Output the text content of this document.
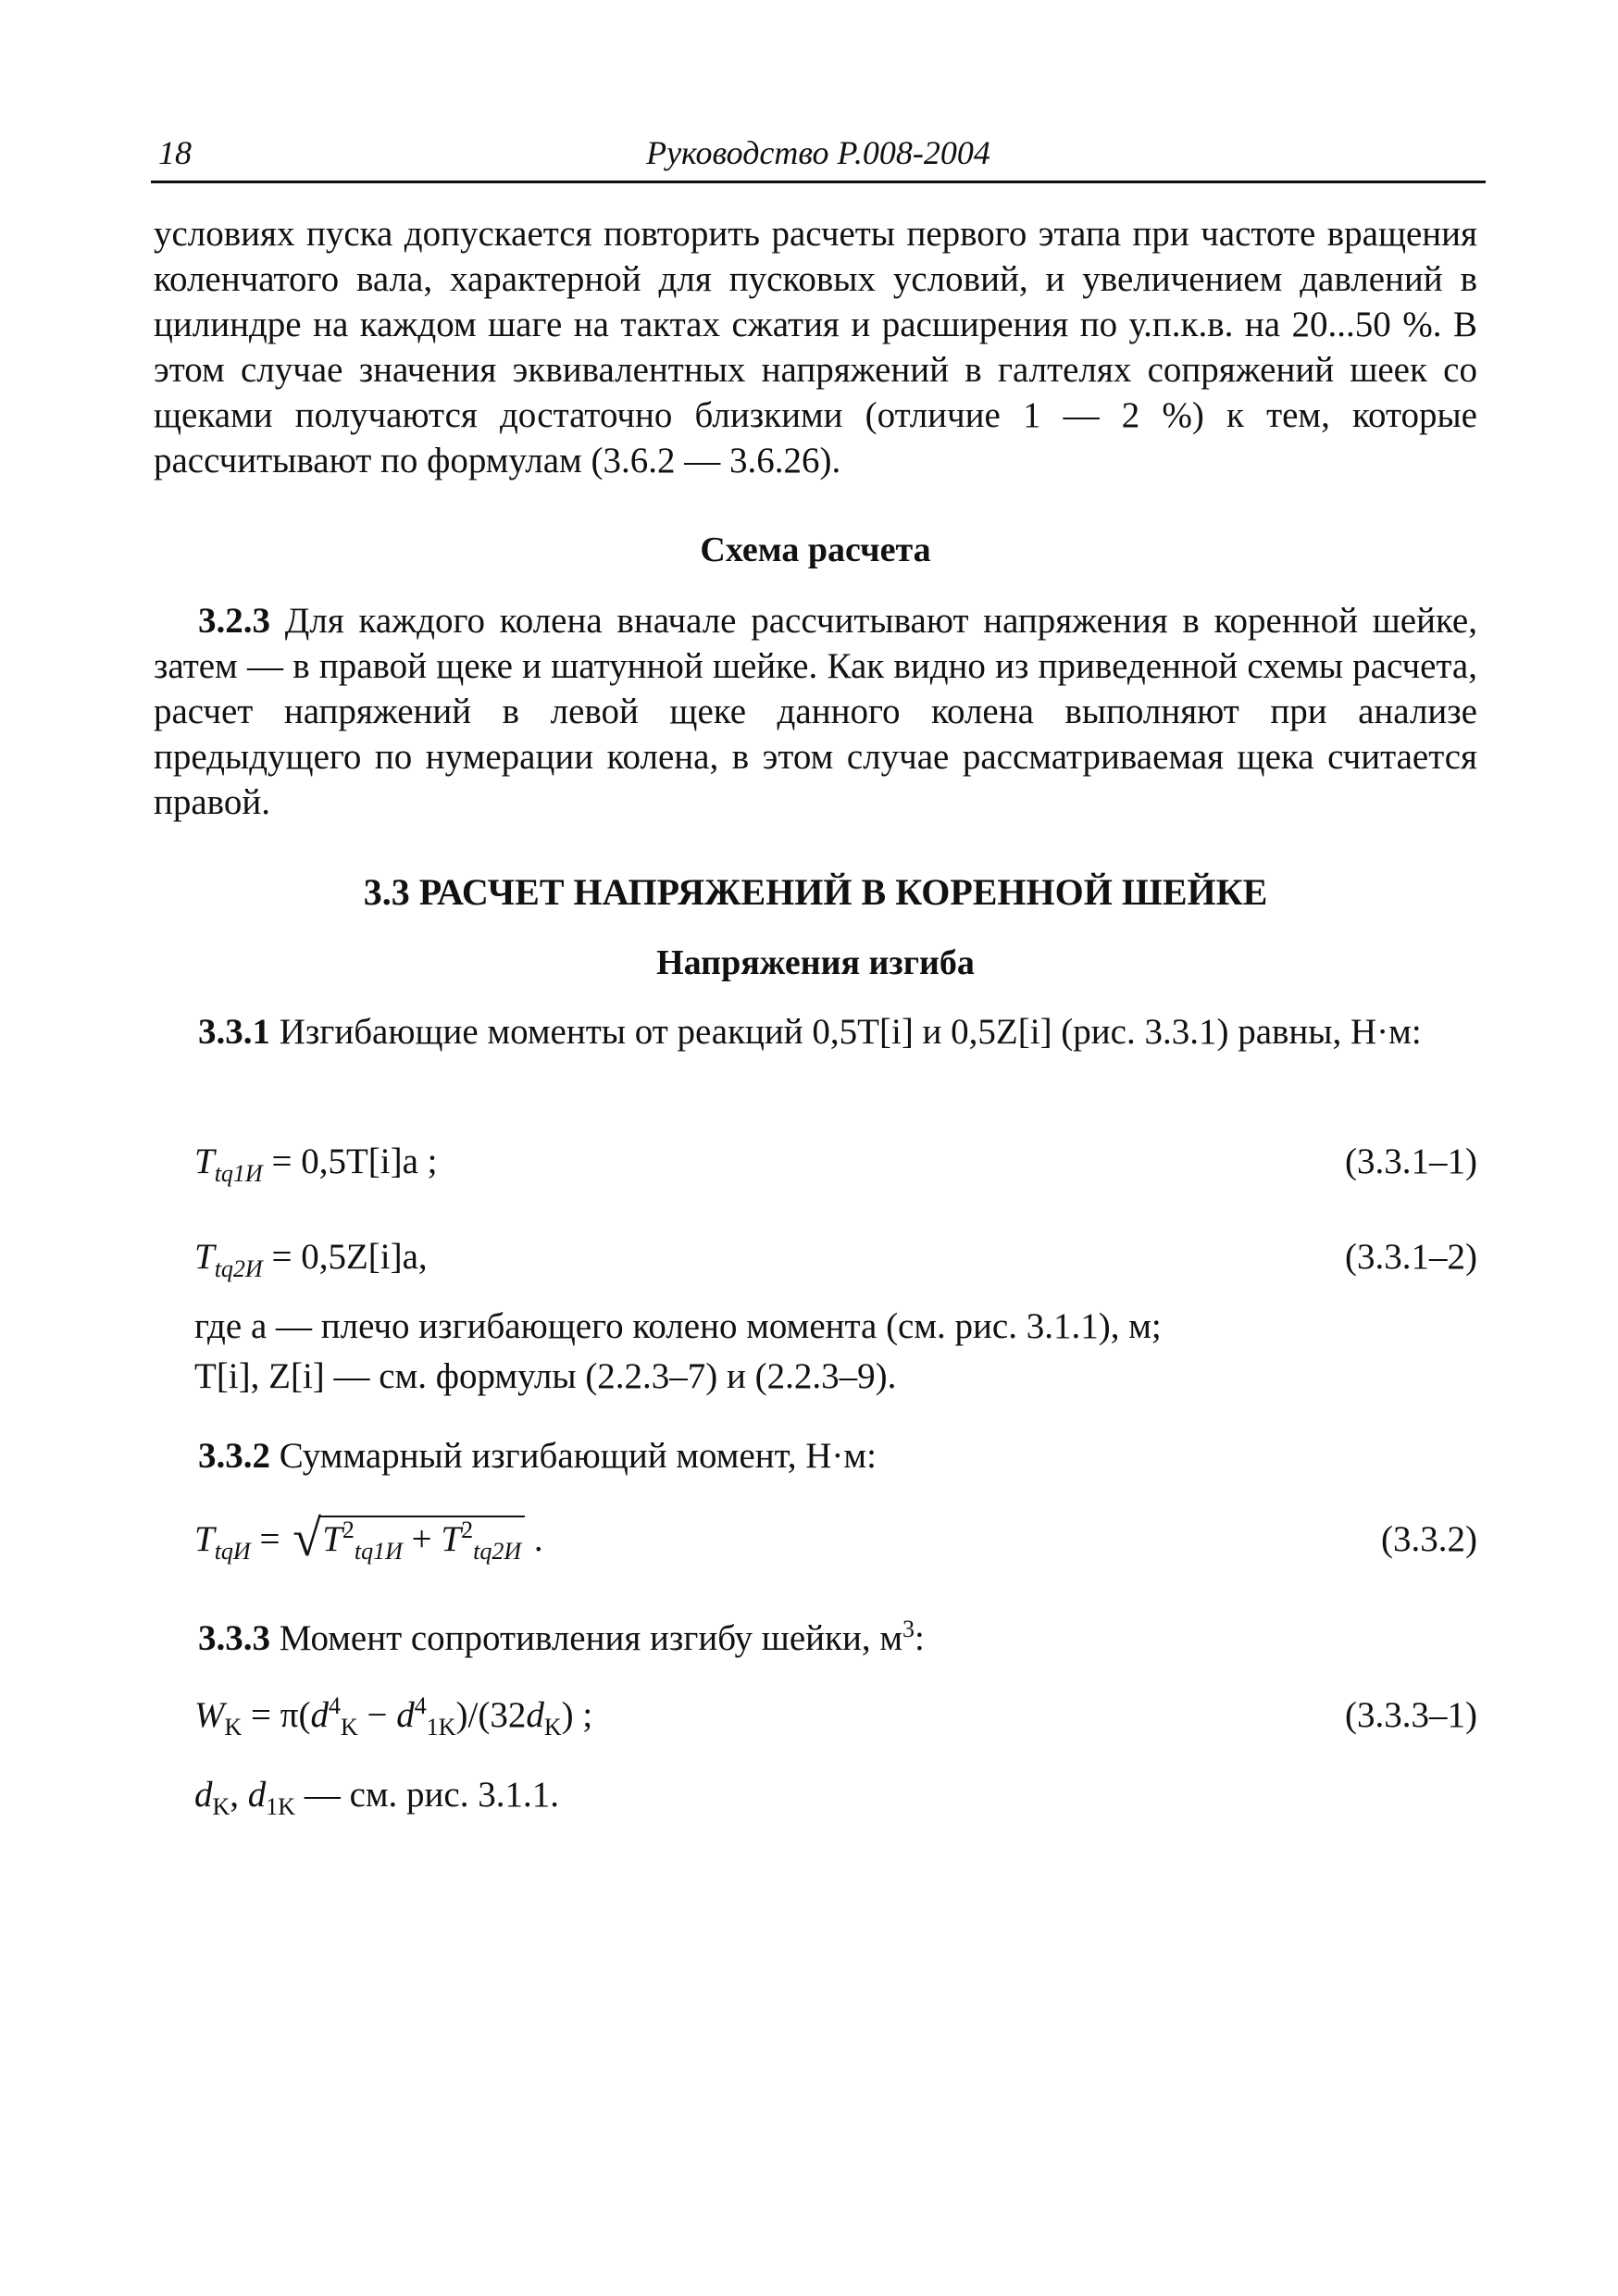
18	Руководство Р.008-2004

условиях пуска допускается повторить расчеты первого этапа при частоте вращения коленчатого вала, характерной для пусковых условий, и увеличением давлений в цилиндре на каждом шаге на тактах сжатия и расширения по у.п.к.в. на 20...50 %. В этом случае значения эквивалентных напряжений в галтелях сопряжений шеек со щеками получаются достаточно близкими (отличие 1 — 2 %) к тем, которые рассчитывают по формулам (3.6.2 — 3.6.26).

Схема расчета

3.2.3 Для каждого колена вначале рассчитывают напряжения в коренной шейке, затем — в правой щеке и шатунной шейке. Как видно из приведенной схемы расчета, расчет напряжений в левой щеке данного колена выполняют при анализе предыдущего по нумерации колена, в этом случае рассматриваемая щека считается правой.

3.3 РАСЧЕТ НАПРЯЖЕНИЙ В КОРЕННОЙ ШЕЙКЕ
Напряжения изгиба

3.3.1 Изгибающие моменты от реакций 0,5T[i] и 0,5Z[i] (рис. 3.3.1) равны, Н·м:

$T_{tq1И} = 0,5T[i]a$ ;	(3.3.1–1)
$T_{tq2И} = 0,5Z[i]a$,	(3.3.1–2)
где a — плечо изгибающего колено момента (см. рис. 3.1.1), м;
T[i], Z[i] — см. формулы (2.2.3–7) и (2.2.3–9).

3.3.2 Суммарный изгибающий момент, Н·м:

$T_{tqИ}$ = √ $T^2_{tq1И} + T^2_{tq2И}$ .	(3.3.2)

3.3.3 Момент сопротивления изгибу шейки, $м^3$:

$W_K = \pi(d^4_K - d^4_{1K})/(32d_K)$ ;	(3.3.3–1)
$d_K$, $d_{1K}$ — см. рис. 3.1.1.
